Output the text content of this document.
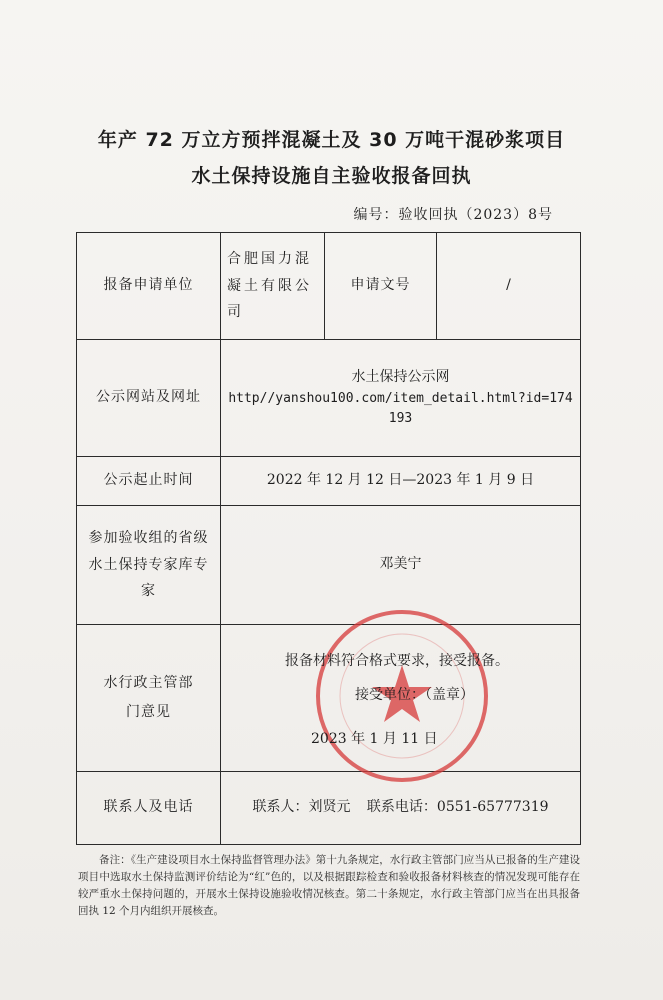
年产 72 万立方预拌混凝土及 30 万吨干混砂浆项目
水土保持设施自主验收报备回执
编号：验收回执（2023）8号
报备申请单位	合肥国力混凝土有限公司	申请文号	/
公示网站及网址	水土保持公示网
http//yanshou100.com/item_detail.html?id=174193		

公示起止时间	2022 年 12 月 12 日—2023 年 1 月 9 日		
参加验收组的省级水土保持专家库专家	邓美宁		
水行政主管部门意见	报备材料符合格式要求，接受报备。
接受单位：（盖章）
2023 年 1 月 11 日		

联系人及电话	联系人：刘贤元 联系电话：0551-65777319		
备注：《生产建设项目水土保持监督管理办法》第十九条规定，水行政主管部门应当从已报备的生产建设项目中选取水土保持监测评价结论为“红”色的，以及根据跟踪检查和验收报备材料核查的情况发现可能存在较严重水土保持问题的，开展水土保持设施验收情况核查。第二十条规定，水行政主管部门应当在出具报备回执 12 个月内组织开展核查。
